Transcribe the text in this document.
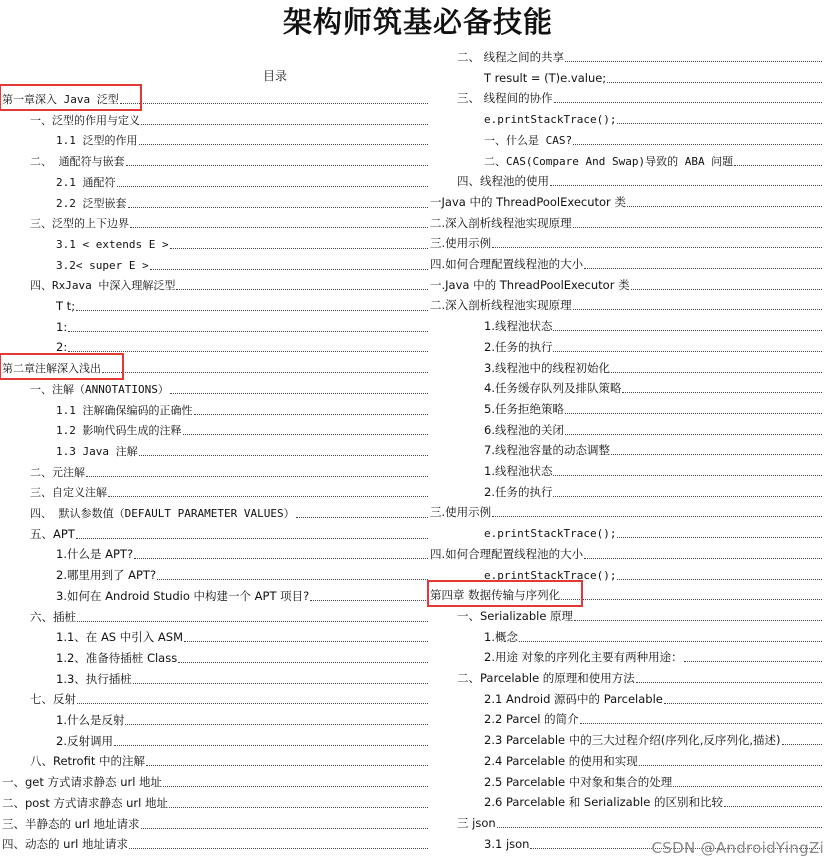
架构师筑基必备技能
目录
第一章深入 Java 泛型
一、泛型的作用与定义
1.1 泛型的作用
二、 通配符与嵌套
2.1 通配符
2.2 泛型嵌套
三、泛型的上下边界
3.1 < extends E >
3.2< super E >
四、RxJava 中深入理解泛型
T t;
1:
2:
第二章注解深入浅出
一、注解（ANNOTATIONS）
1.1 注解确保编码的正确性
1.2 影响代码生成的注释
1.3 Java 注解
二、元注解
三、自定义注解
四、 默认参数值（DEFAULT PARAMETER VALUES）
五、APT
1.什么是 APT?
2.哪里用到了 APT?
3.如何在 Android Studio 中构建一个 APT 项目?
六、插桩
1.1、在 AS 中引入 ASM
1.2、准备待插桩 Class
1.3、执行插桩
七、反射
1.什么是反射
2.反射调用
八、Retrofit 中的注解
一、get 方式请求静态 url 地址
二、post 方式请求静态 url 地址
三、半静态的 url 地址请求
四、动态的 url 地址请求
二、 线程之间的共享
T result = (T)e.value;
三、 线程间的协作
e.printStackTrace();
一、什么是 CAS?
二、CAS(Compare And Swap)导致的 ABA 问题
四、线程池的使用
一Java 中的 ThreadPoolExecutor 类
二.深入剖析线程池实现原理
三.使用示例
四.如何合理配置线程池的大小
一.Java 中的 ThreadPoolExecutor 类
二.深入剖析线程池实现原理
1.线程池状态
2.任务的执行
3.线程池中的线程初始化
4.任务缓存队列及排队策略
5.任务拒绝策略
6.线程池的关闭
7.线程池容量的动态调整
1.线程池状态
2.任务的执行
三.使用示例
e.printStackTrace();
四.如何合理配置线程池的大小
e.printStackTrace();
第四章 数据传输与序列化
一、Serializable 原理
1.概念
2.用途 对象的序列化主要有两种用途：
二、Parcelable 的原理和使用方法
2.1 Android 源码中的 Parcelable
2.2 Parcel 的简介
2.3 Parcelable 中的三大过程介绍(序列化,反序列化,描述)
2.4 Parcelable 的使用和实现
2.5 Parcelable 中对象和集合的处理
2.6 Parcelable 和 Serializable 的区别和比较
三 json
3.1 json	CSDN @AndroidYingZi
